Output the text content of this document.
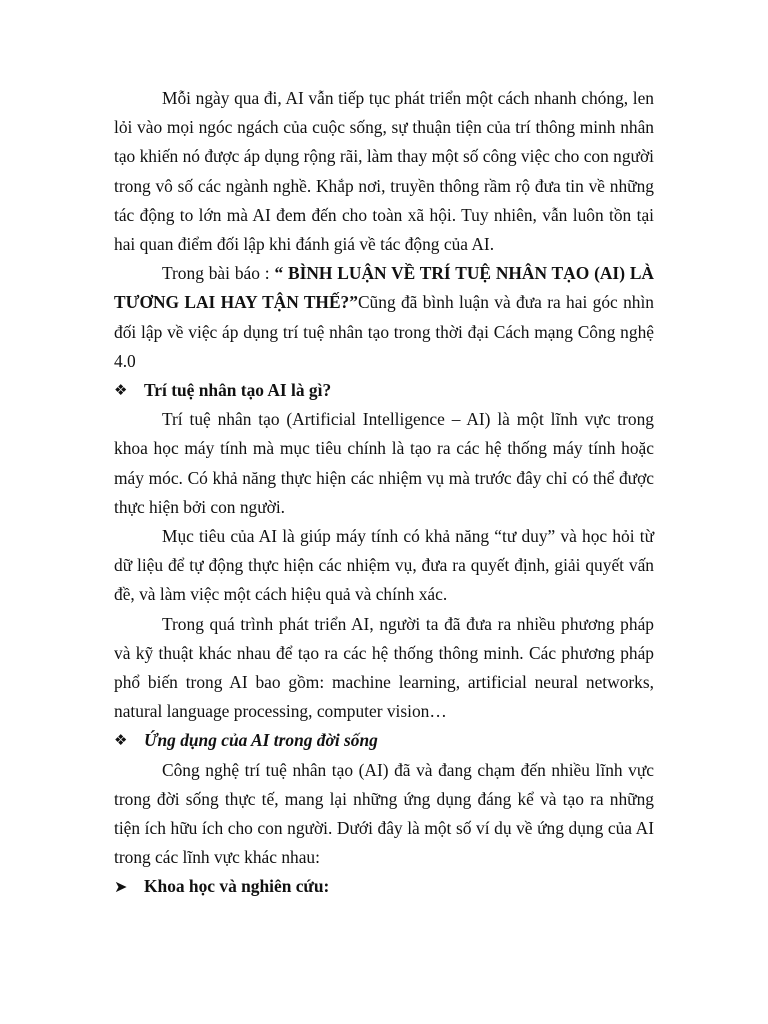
Mỗi ngày qua đi, AI vẫn tiếp tục phát triển một cách nhanh chóng, len lỏi vào mọi ngóc ngách của cuộc sống, sự thuận tiện của trí thông minh nhân tạo khiến nó được áp dụng rộng rãi, làm thay một số công việc cho con người trong vô số các ngành nghề. Khắp nơi, truyền thông rầm rộ đưa tin về những tác động to lớn mà AI đem đến cho toàn xã hội. Tuy nhiên, vẫn luôn tồn tại hai quan điểm đối lập khi đánh giá về tác động của AI.

Trong bài báo : “ BÌNH LUẬN VỀ TRÍ TUỆ NHÂN TẠO (AI) LÀ TƯƠNG LAI HAY TẬN THẾ?”Cũng đã bình luận và đưa ra hai góc nhìn đối lập về việc áp dụng trí tuệ nhân tạo trong thời đại Cách mạng Công nghệ 4.0

❖ Trí tuệ nhân tạo AI là gì?

Trí tuệ nhân tạo (Artificial Intelligence – AI) là một lĩnh vực trong khoa học máy tính mà mục tiêu chính là tạo ra các hệ thống máy tính hoặc máy móc. Có khả năng thực hiện các nhiệm vụ mà trước đây chỉ có thể được thực hiện bởi con người.

Mục tiêu của AI là giúp máy tính có khả năng “tư duy” và học hỏi từ dữ liệu để tự động thực hiện các nhiệm vụ, đưa ra quyết định, giải quyết vấn đề, và làm việc một cách hiệu quả và chính xác.

Trong quá trình phát triển AI, người ta đã đưa ra nhiều phương pháp và kỹ thuật khác nhau để tạo ra các hệ thống thông minh. Các phương pháp phổ biến trong AI bao gồm: machine learning, artificial neural networks, natural language processing, computer vision…

❖ Ứng dụng của AI trong đời sống

Công nghệ trí tuệ nhân tạo (AI) đã và đang chạm đến nhiều lĩnh vực trong đời sống thực tế, mang lại những ứng dụng đáng kể và tạo ra những tiện ích hữu ích cho con người. Dưới đây là một số ví dụ về ứng dụng của AI trong các lĩnh vực khác nhau:

➤ Khoa học và nghiên cứu:
